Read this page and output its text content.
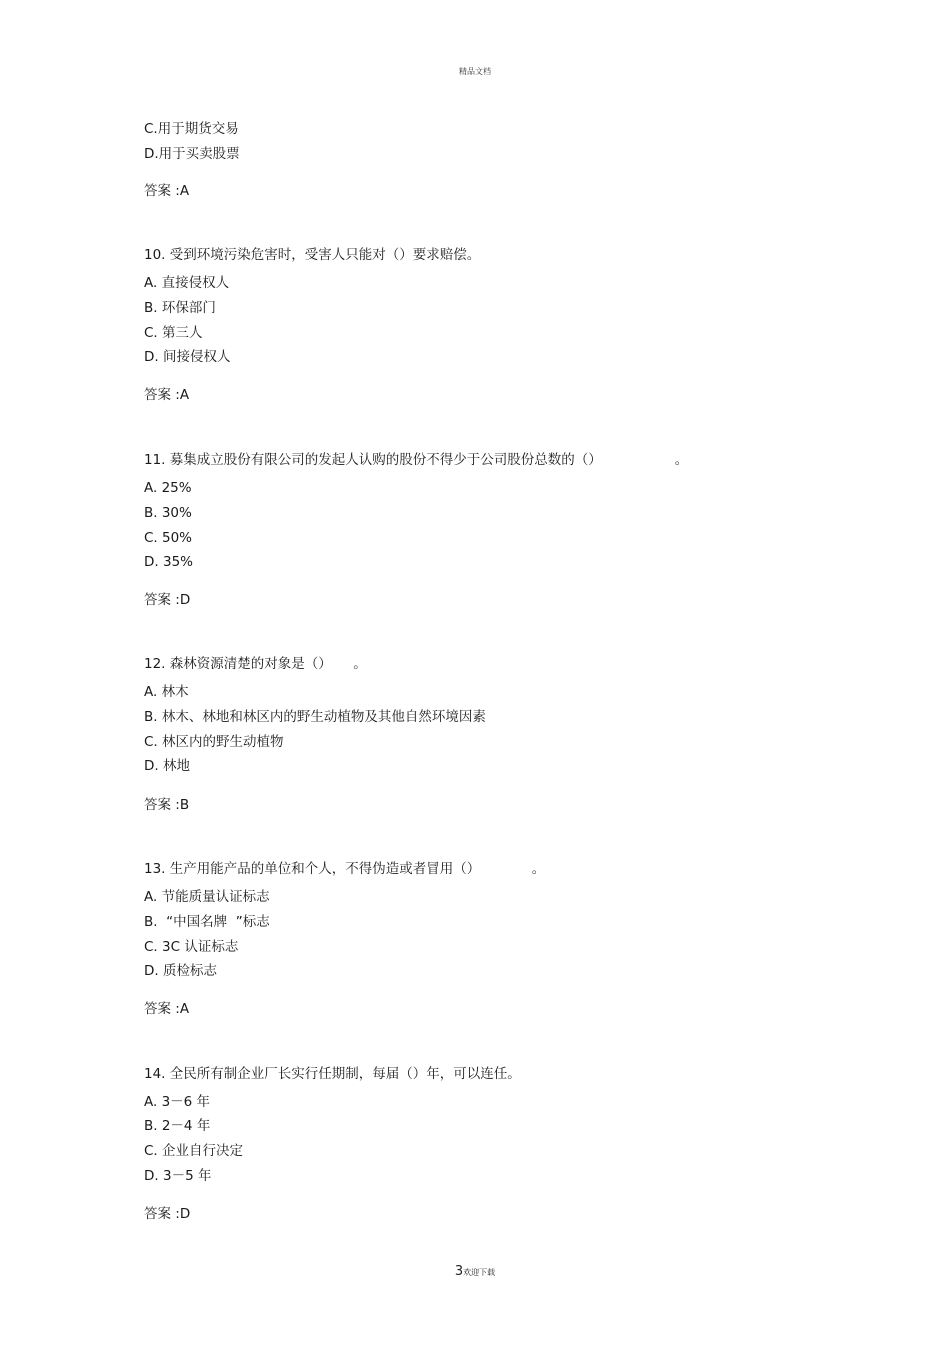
精品文档
C.用于期货交易
D.用于买卖股票
答案 :A
10. 受到环境污染危害时，受害人只能对（）要求赔偿。
A. 直接侵权人
B. 环保部门
C. 第三人
D. 间接侵权人
答案 :A
11. 募集成立股份有限公司的发起人认购的股份不得少于公司股份总数的（）                 。
A. 25%
B. 30%
C. 50%
D. 35%
答案 :D
12. 森林资源清楚的对象是（）     。
A. 林木
B. 林木、林地和林区内的野生动植物及其他自然环境因素
C. 林区内的野生动植物
D. 林地
答案 :B
13. 生产用能产品的单位和个人，不得伪造或者冒用（）            。
A. 节能质量认证标志
B.  “中国名牌  ”标志
C. 3C 认证标志
D. 质检标志
答案 :A
14. 全民所有制企业厂长实行任期制，每届（）年，可以连任。
A. 3－6 年
B. 2－4 年
C. 企业自行决定
D. 3－5 年
答案 :D
3欢迎下载
